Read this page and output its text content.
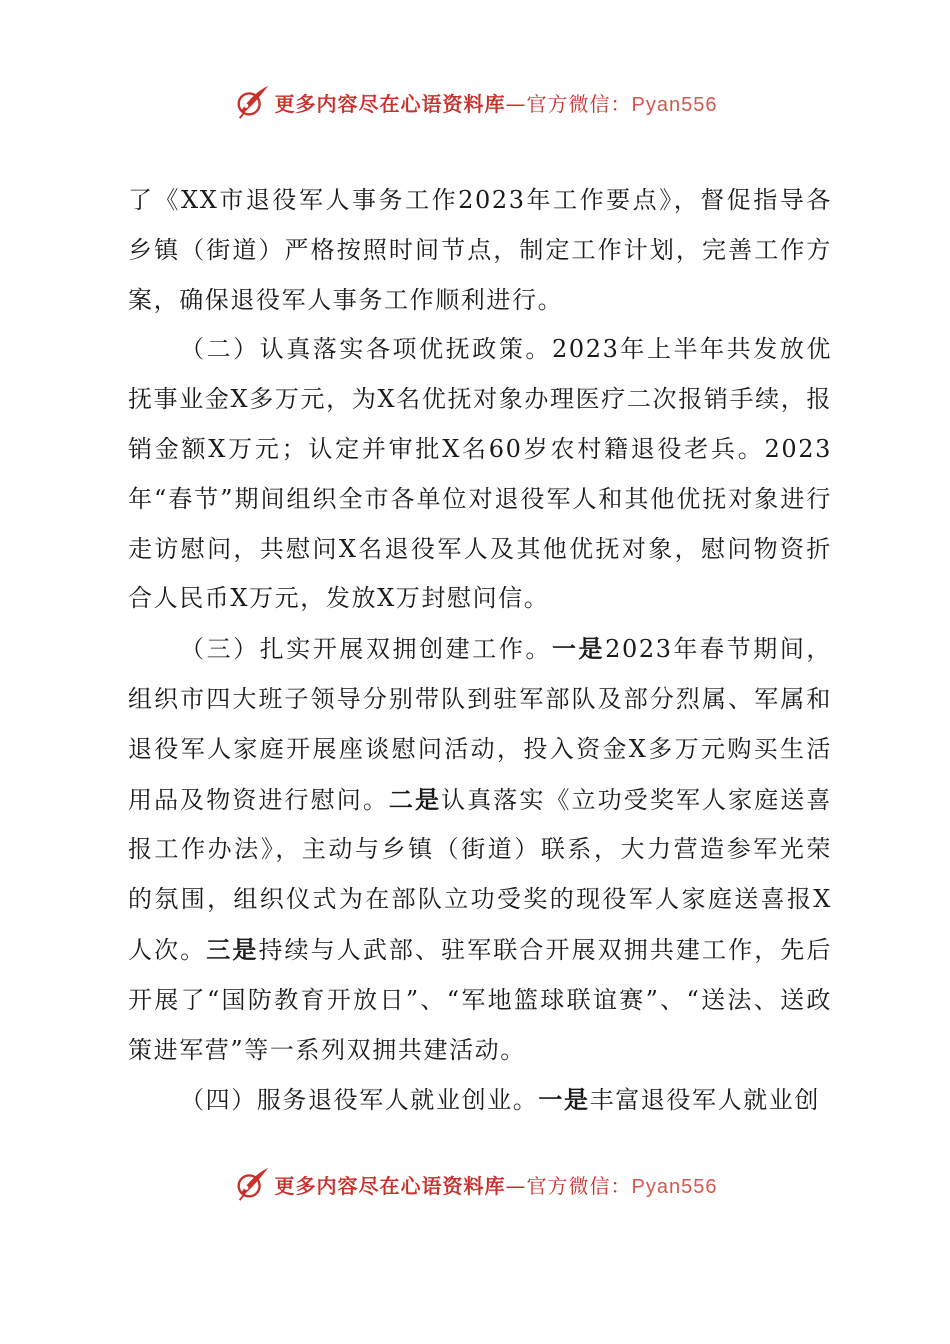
更多内容尽在心语资料库—官方微信：Pyan556

了《XX市退役军人事务工作2023年工作要点》，督促指导各乡镇（街道）严格按照时间节点，制定工作计划，完善工作方案，确保退役军人事务工作顺利进行。

（二）认真落实各项优抚政策。2023年上半年共发放优抚事业金X多万元，为X名优抚对象办理医疗二次报销手续，报销金额X万元；认定并审批X名60岁农村籍退役老兵。2023年“春节”期间组织全市各单位对退役军人和其他优抚对象进行走访慰问，共慰问X名退役军人及其他优抚对象，慰问物资折合人民币X万元，发放X万封慰问信。

（三）扎实开展双拥创建工作。一是2023年春节期间，组织市四大班子领导分别带队到驻军部队及部分烈属、军属和退役军人家庭开展座谈慰问活动，投入资金X多万元购买生活用品及物资进行慰问。二是认真落实《立功受奖军人家庭送喜报工作办法》，主动与乡镇（街道）联系，大力营造参军光荣的氛围，组织仪式为在部队立功受奖的现役军人家庭送喜报X人次。三是持续与人武部、驻军联合开展双拥共建工作，先后开展了“国防教育开放日”、“军地篮球联谊赛”、“送法、送政策进军营”等一系列双拥共建活动。

（四）服务退役军人就业创业。一是丰富退役军人就业创

更多内容尽在心语资料库—官方微信：Pyan556
